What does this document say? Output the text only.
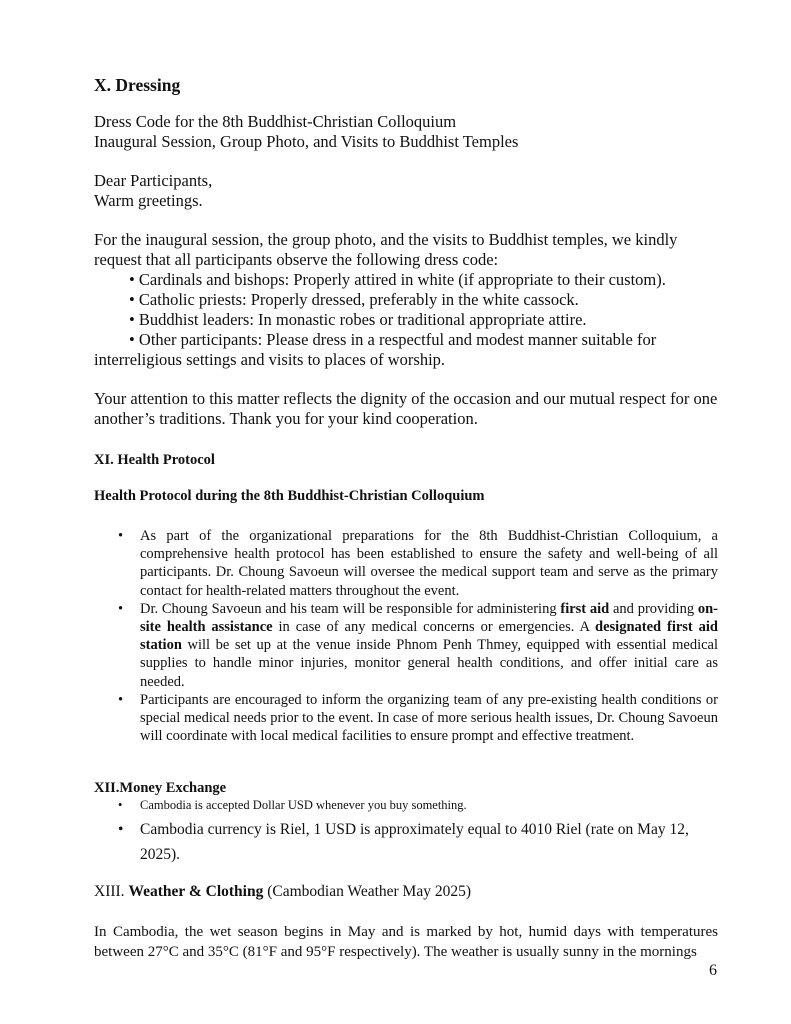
X. Dressing

Dress Code for the 8th Buddhist-Christian Colloquium

Inaugural Session, Group Photo, and Visits to Buddhist Temples

Dear Participants,

Warm greetings.

For the inaugural session, the group photo, and the visits to Buddhist temples, we kindly request that all participants observe the following dress code:

• Cardinals and bishops: Properly attired in white (if appropriate to their custom).
• Catholic priests: Properly dressed, preferably in the white cassock.
• Buddhist leaders: In monastic robes or traditional appropriate attire.
• Other participants: Please dress in a respectful and modest manner suitable for interreligious settings and visits to places of worship.

Your attention to this matter reflects the dignity of the occasion and our mutual respect for one another’s traditions. Thank you for your kind cooperation.

XI. Health Protocol

Health Protocol during the 8th Buddhist-Christian Colloquium

• As part of the organizational preparations for the 8th Buddhist-Christian Colloquium, a comprehensive health protocol has been established to ensure the safety and well-being of all participants. Dr. Choung Savoeun will oversee the medical support team and serve as the primary contact for health-related matters throughout the event.
• Dr. Choung Savoeun and his team will be responsible for administering first aid and providing on-site health assistance in case of any medical concerns or emergencies. A designated first aid station will be set up at the venue inside Phnom Penh Thmey, equipped with essential medical supplies to handle minor injuries, monitor general health conditions, and offer initial care as needed.
• Participants are encouraged to inform the organizing team of any pre-existing health conditions or special medical needs prior to the event. In case of more serious health issues, Dr. Choung Savoeun will coordinate with local medical facilities to ensure prompt and effective treatment.

XII.Money Exchange

• Cambodia is accepted Dollar USD whenever you buy something.
• Cambodia currency is Riel, 1 USD is approximately equal to 4010 Riel (rate on May 12, 2025).

XIII. Weather & Clothing (Cambodian Weather May 2025)

In Cambodia, the wet season begins in May and is marked by hot, humid days with temperatures between 27°C and 35°C (81°F and 95°F respectively). The weather is usually sunny in the mornings

6
